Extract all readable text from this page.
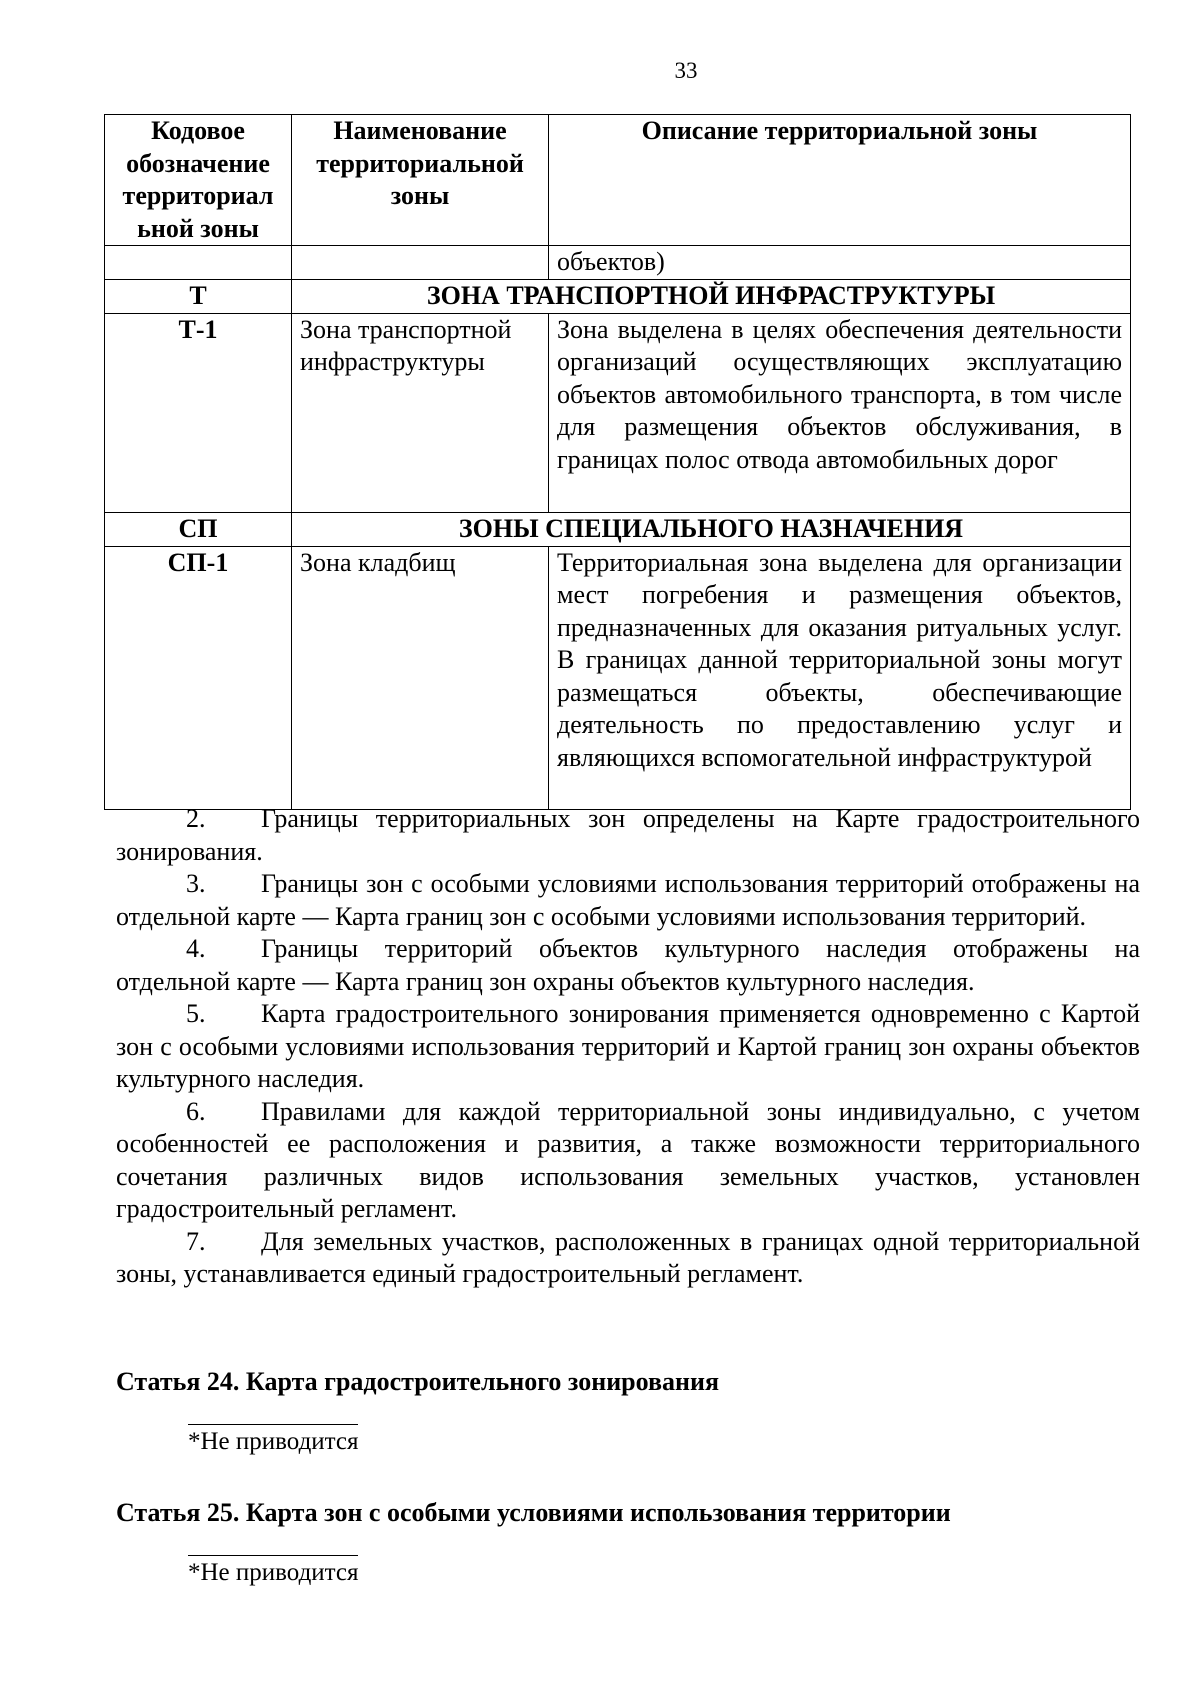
33
Кодовое обозначение территориал ьной зоны	Наименование территориальной зоны	Описание территориальной зоны
		объектов)
Т	ЗОНА ТРАНСПОРТНОЙ ИНФРАСТРУКТУРЫ	
Т-1	Зона транспортной инфраструктуры	Зона выделена в целях обеспечения деятельности организаций осуществляющих эксплуатацию объектов автомобильного транспорта, в том числе для размещения объектов обслуживания, в границах полос отвода автомобильных дорог
СП	ЗОНЫ СПЕЦИАЛЬНОГО НАЗНАЧЕНИЯ	
СП-1	Зона кладбищ	Территориальная зона выделена для организации мест погребения и размещения объектов, предназначенных для оказания ритуальных услуг. В границах данной территориальной зоны могут размещаться объекты, обеспечивающие деятельность по предоставлению услуг и являющихся вспомогательной инфраструктурой

2. Границы территориальных зон определены на Карте градостроительного зонирования.

3. Границы зон с особыми условиями использования территорий отображены на отдельной карте — Карта границ зон с особыми условиями использования территорий.

4. Границы территорий объектов культурного наследия отображены на отдельной карте — Карта границ зон охраны объектов культурного наследия.

5. Карта градостроительного зонирования применяется одновременно с Картой зон с особыми условиями использования территорий и Картой границ зон охраны объектов культурного наследия.

6. Правилами для каждой территориальной зоны индивидуально, с учетом особенностей ее расположения и развития, а также возможности территориального сочетания различных видов использования земельных участков, установлен градостроительный регламент.

7. Для земельных участков, расположенных в границах одной территориальной зоны, устанавливается единый градостроительный регламент.

Статья 24. Карта градостроительного зонирования
*Не приводится
Статья 25. Карта зон с особыми условиями использования территории
*Не приводится
